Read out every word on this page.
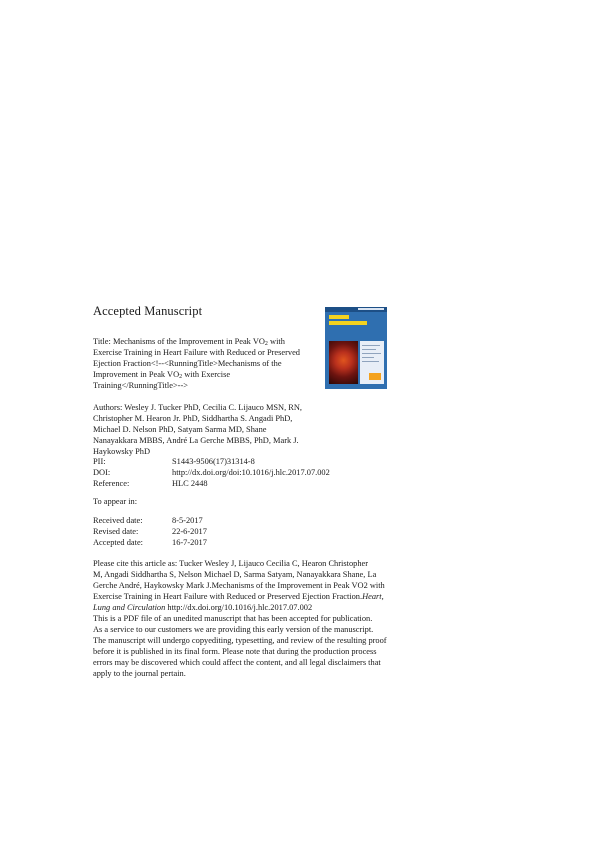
Accepted Manuscript
Title: Mechanisms of the Improvement in Peak $VO_2$ with
Exercise Training in Heart Failure with Reduced or Preserved
Ejection Fraction<!--<RunningTitle>Mechanisms of the
Improvement in Peak $VO_2$ with Exercise
Training</RunningTitle>-->
Authors: Wesley J. Tucker PhD, Cecilia C. Lijauco MSN, RN,
Christopher M. Hearon Jr. PhD, Siddhartha S. Angadi PhD,
Michael D. Nelson PhD, Satyam Sarma MD, Shane
Nanayakkara MBBS, André La Gerche MBBS, PhD, Mark J.
Haykowsky PhD
PII:	S1443-9506(17)31314-8
DOI:	http://dx.doi.org/doi:10.1016/j.hlc.2017.07.002
Reference:	HLC 2448
To appear in:
Received date:	8-5-2017
Revised date:	22-6-2017
Accepted date:	16-7-2017
Please cite this article as: Tucker Wesley J, Lijauco Cecilia C, Hearon Christopher
M, Angadi Siddhartha S, Nelson Michael D, Sarma Satyam, Nanayakkara Shane, La
Gerche André, Haykowsky Mark J.Mechanisms of the Improvement in Peak VO2 with
Exercise Training in Heart Failure with Reduced or Preserved Ejection Fraction.Heart,
Lung and Circulation http://dx.doi.org/10.1016/j.hlc.2017.07.002
This is a PDF file of an unedited manuscript that has been accepted for publication.
As a service to our customers we are providing this early version of the manuscript.
The manuscript will undergo copyediting, typesetting, and review of the resulting proof
before it is published in its final form. Please note that during the production process
errors may be discovered which could affect the content, and all legal disclaimers that
apply to the journal pertain.
